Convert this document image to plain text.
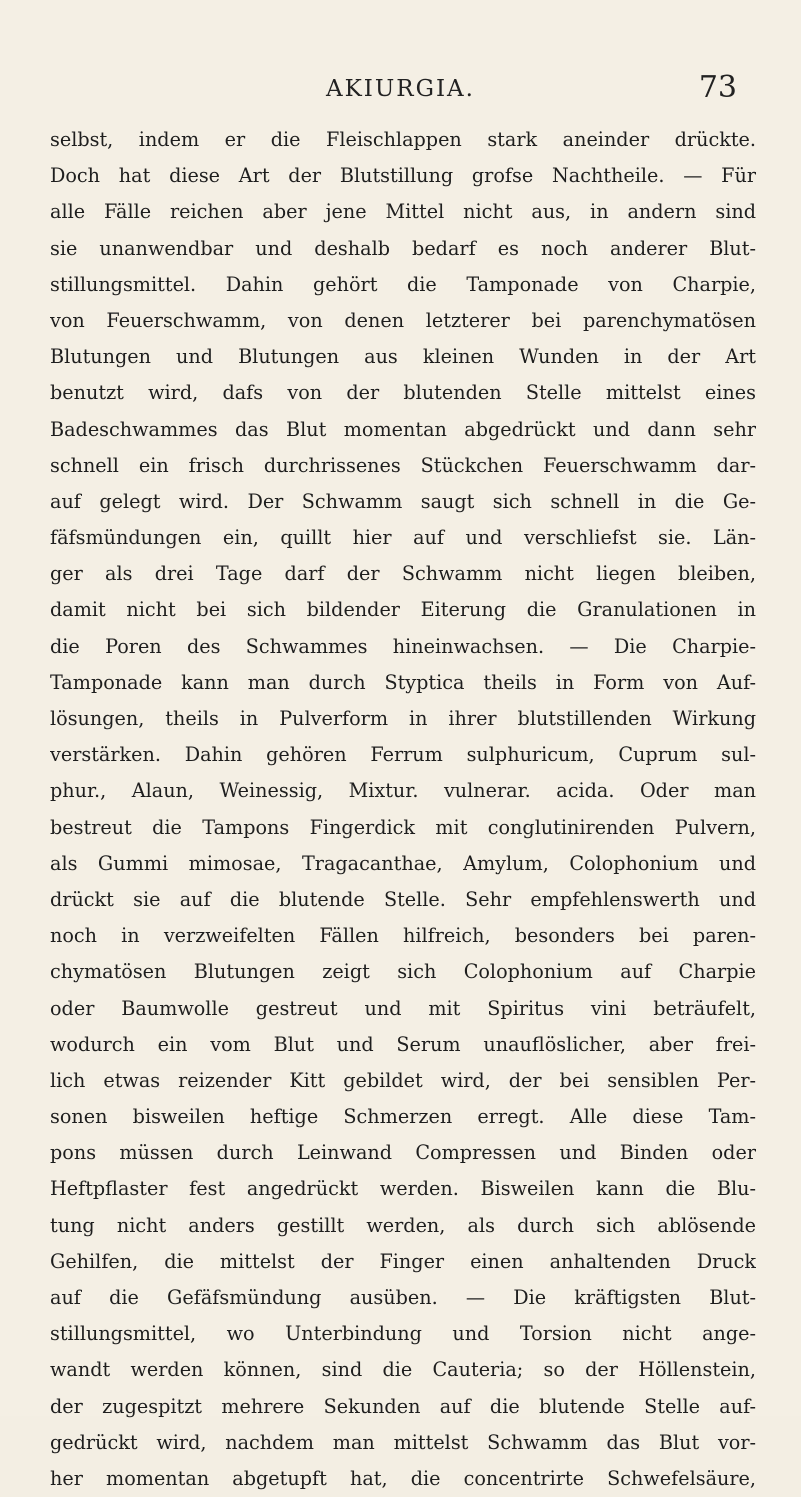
AKIURGIA.	73
selbst, indem er die Fleischlappen stark aneinder drückte.
Doch hat diese Art der Blutstillung grofse Nachtheile. — Für
alle Fälle reichen aber jene Mittel nicht aus, in andern sind
sie unanwendbar und deshalb bedarf es noch anderer Blut-
stillungsmittel. Dahin gehört die Tamponade von Charpie,
von Feuerschwamm, von denen letzterer bei parenchymatösen
Blutungen und Blutungen aus kleinen Wunden in der Art
benutzt wird, dafs von der blutenden Stelle mittelst eines
Badeschwammes das Blut momentan abgedrückt und dann sehr
schnell ein frisch durchrissenes Stückchen Feuerschwamm dar-
auf gelegt wird. Der Schwamm saugt sich schnell in die Ge-
fäfsmündungen ein, quillt hier auf und verschliefst sie. Län-
ger als drei Tage darf der Schwamm nicht liegen bleiben,
damit nicht bei sich bildender Eiterung die Granulationen in
die Poren des Schwammes hineinwachsen. — Die Charpie-
Tamponade kann man durch Styptica theils in Form von Auf-
lösungen, theils in Pulverform in ihrer blutstillenden Wirkung
verstärken. Dahin gehören Ferrum sulphuricum, Cuprum sul-
phur., Alaun, Weinessig, Mixtur. vulnerar. acida. Oder man
bestreut die Tampons Fingerdick mit conglutinirenden Pulvern,
als Gummi mimosae, Tragacanthae, Amylum, Colophonium und
drückt sie auf die blutende Stelle. Sehr empfehlenswerth und
noch in verzweifelten Fällen hilfreich, besonders bei paren-
chymatösen Blutungen zeigt sich Colophonium auf Charpie
oder Baumwolle gestreut und mit Spiritus vini beträufelt,
wodurch ein vom Blut und Serum unauflöslicher, aber frei-
lich etwas reizender Kitt gebildet wird, der bei sensiblen Per-
sonen bisweilen heftige Schmerzen erregt. Alle diese Tam-
pons müssen durch Leinwand Compressen und Binden oder
Heftpflaster fest angedrückt werden. Bisweilen kann die Blu-
tung nicht anders gestillt werden, als durch sich ablösende
Gehilfen, die mittelst der Finger einen anhaltenden Druck
auf die Gefäfsmündung ausüben. — Die kräftigsten Blut-
stillungsmittel, wo Unterbindung und Torsion nicht ange-
wandt werden können, sind die Cauteria; so der Höllenstein,
der zugespitzt mehrere Sekunden auf die blutende Stelle auf-
gedrückt wird, nachdem man mittelst Schwamm das Blut vor-
her momentan abgetupft hat, die concentrirte Schwefelsäure,
